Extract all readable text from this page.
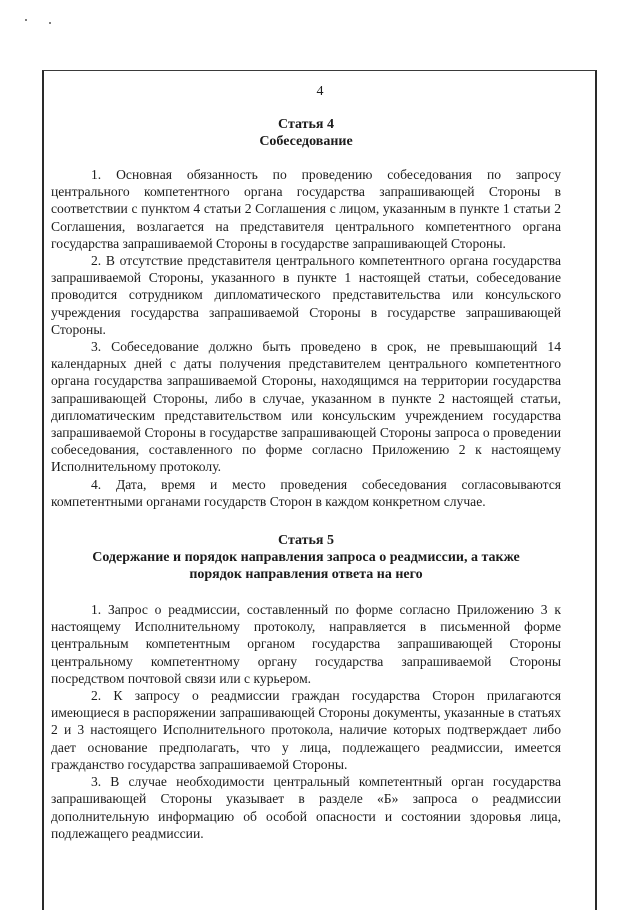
4

Статья 4

Собеседование

1. Основная обязанность по проведению собеседования по запросу центрального компетентного органа государства запрашивающей Стороны в соответствии с пунктом 4 статьи 2 Соглашения с лицом, указанным в пункте 1 статьи 2 Соглашения, возлагается на представителя центрального компетентного органа государства запрашиваемой Стороны в государстве запрашивающей Стороны.

2. В отсутствие представителя центрального компетентного органа государства запрашиваемой Стороны, указанного в пункте 1 настоящей статьи, собеседование проводится сотрудником дипломатического представительства или консульского учреждения государства запрашиваемой Стороны в государстве запрашивающей Стороны.

3. Собеседование должно быть проведено в срок, не превышающий 14 календарных дней с даты получения представителем центрального компетентного органа государства запрашиваемой Стороны, находящимся на территории государства запрашивающей Стороны, либо в случае, указанном в пункте 2 настоящей статьи, дипломатическим представительством или консульским учреждением государства запрашиваемой Стороны в государстве запрашивающей Стороны запроса о проведении собеседования, составленного по форме согласно Приложению 2 к настоящему Исполнительному протоколу.

4. Дата, время и место проведения собеседования согласовываются компетентными органами государств Сторон в каждом конкретном случае.

Статья 5

Содержание и порядок направления запроса о реадмиссии, а также

порядок направления ответа на него

1. Запрос о реадмиссии, составленный по форме согласно Приложению 3 к настоящему Исполнительному протоколу, направляется в письменной форме центральным компетентным органом государства запрашивающей Стороны центральному компетентному органу государства запрашиваемой Стороны посредством почтовой связи или с курьером.

2. К запросу о реадмиссии граждан государства Сторон прилагаются имеющиеся в распоряжении запрашивающей Стороны документы, указанные в статьях 2 и 3 настоящего Исполнительного протокола, наличие которых подтверждает либо дает основание предполагать, что у лица, подлежащего реадмиссии, имеется гражданство государства запрашиваемой Стороны.

3. В случае необходимости центральный компетентный орган государства запрашивающей Стороны указывает в разделе «Б» запроса о реадмиссии дополнительную информацию об особой опасности и состоянии здоровья лица, подлежащего реадмиссии.
